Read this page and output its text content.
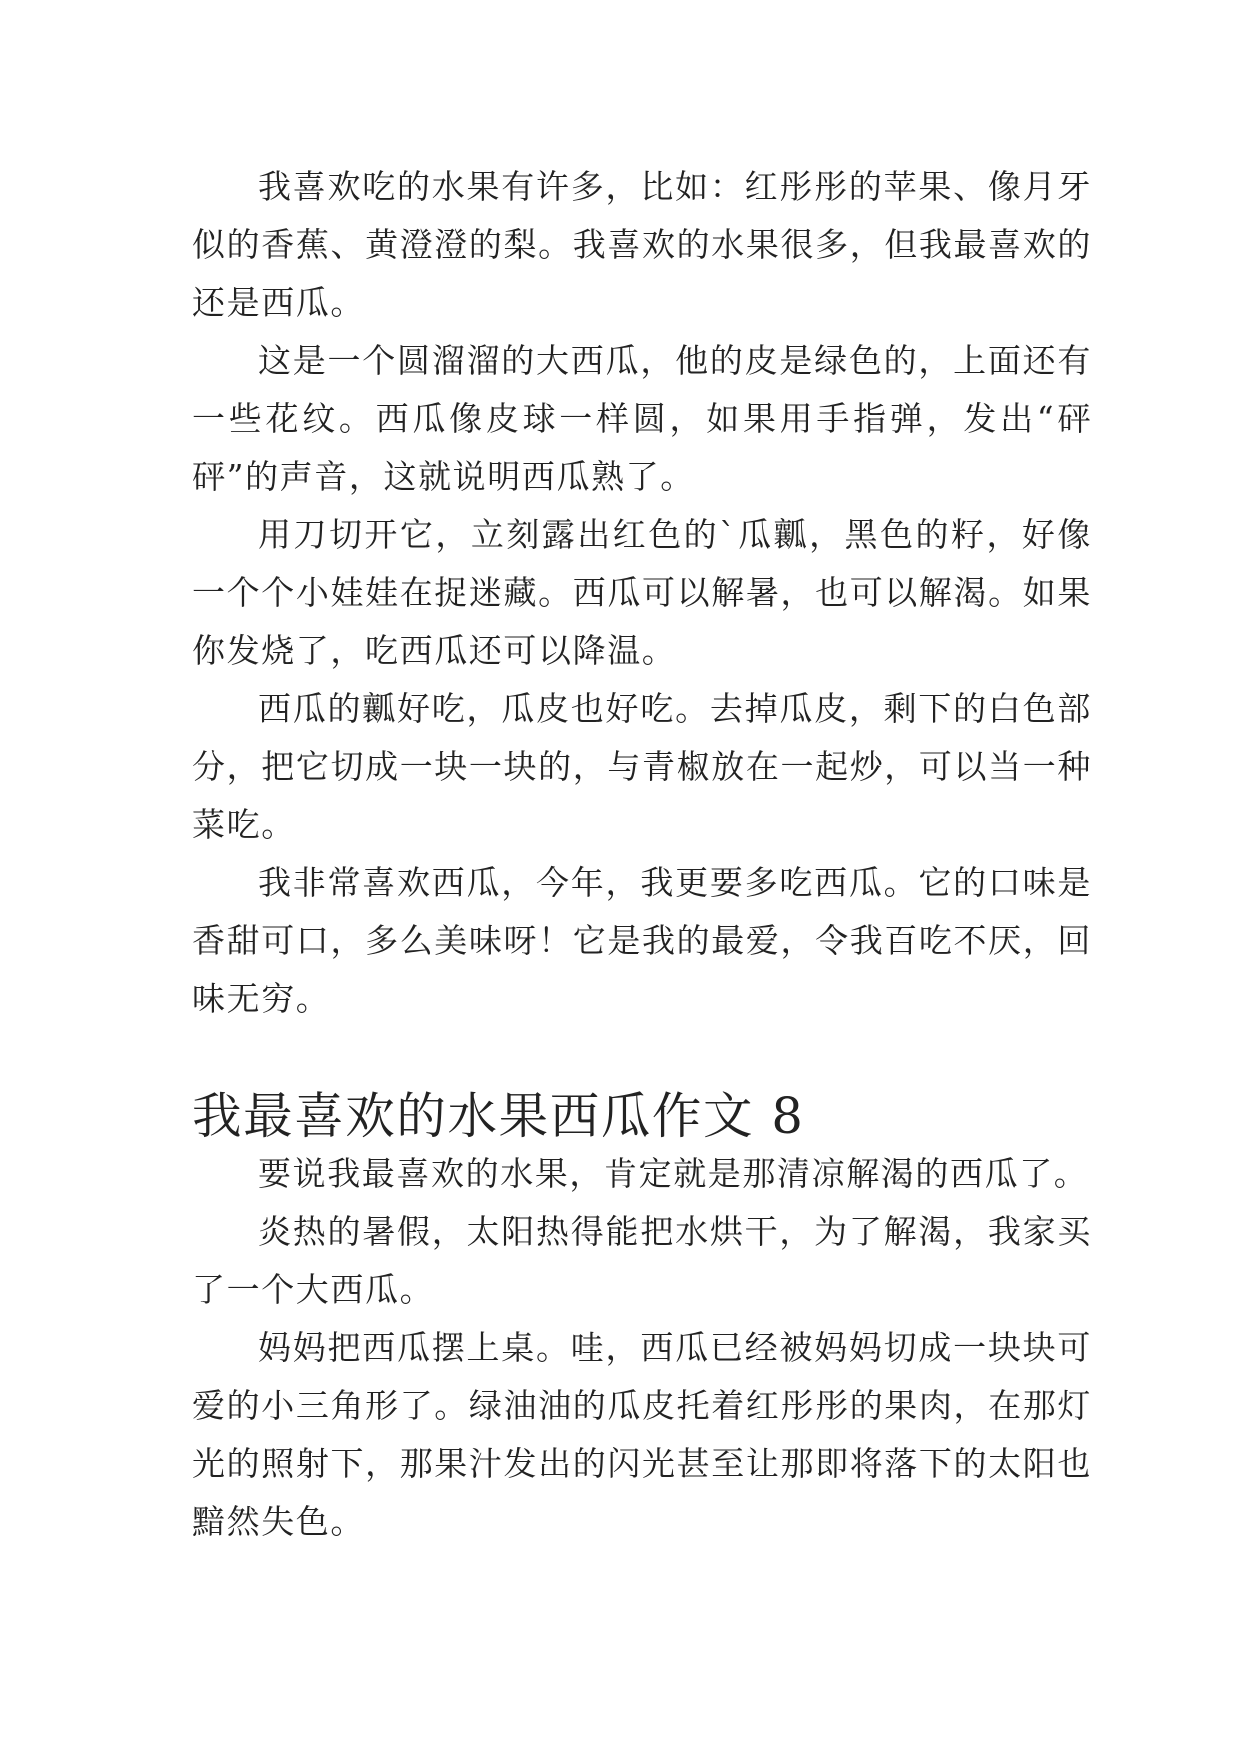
我喜欢吃的水果有许多，比如：红彤彤的苹果、像月牙似的香蕉、黄澄澄的梨。我喜欢的水果很多，但我最喜欢的还是西瓜。

这是一个圆溜溜的大西瓜，他的皮是绿色的，上面还有一些花纹。西瓜像皮球一样圆，如果用手指弹，发出“砰砰”的声音，这就说明西瓜熟了。

用刀切开它，立刻露出红色的`瓜瓤，黑色的籽，好像一个个小娃娃在捉迷藏。西瓜可以解暑，也可以解渴。如果你发烧了，吃西瓜还可以降温。

西瓜的瓤好吃，瓜皮也好吃。去掉瓜皮，剩下的白色部分，把它切成一块一块的，与青椒放在一起炒，可以当一种菜吃。

我非常喜欢西瓜，今年，我更要多吃西瓜。它的口味是香甜可口，多么美味呀！它是我的最爱，令我百吃不厌，回味无穷。

我最喜欢的水果西瓜作文 8

要说我最喜欢的水果，肯定就是那清凉解渴的西瓜了。

炎热的暑假，太阳热得能把水烘干，为了解渴，我家买了一个大西瓜。

妈妈把西瓜摆上桌。哇，西瓜已经被妈妈切成一块块可爱的小三角形了。绿油油的瓜皮托着红彤彤的果肉，在那灯光的照射下，那果汁发出的闪光甚至让那即将落下的太阳也黯然失色。
